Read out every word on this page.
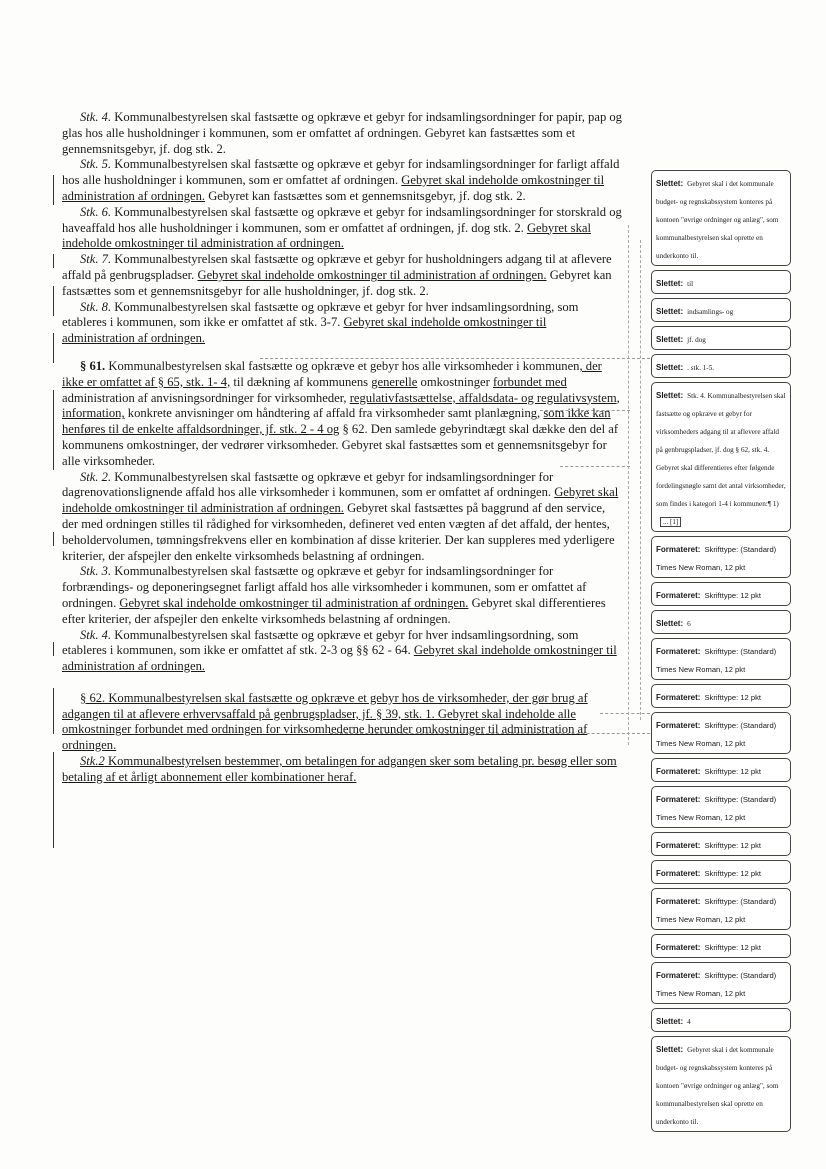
Stk. 4. Kommunalbestyrelsen skal fastsætte og opkræve et gebyr for indsamlingsordninger for papir, pap og glas hos alle husholdninger i kommunen, som er omfattet af ordningen. Gebyret kan fastsættes som et gennemsnitsgebyr, jf. dog stk. 2.

Stk. 5. Kommunalbestyrelsen skal fastsætte og opkræve et gebyr for indsamlingsordninger for farligt affald hos alle husholdninger i kommunen, som er omfattet af ordningen. Gebyret skal indeholde omkostninger til administration af ordningen. Gebyret kan fastsættes som et gennemsnitsgebyr, jf. dog stk. 2.

Stk. 6. Kommunalbestyrelsen skal fastsætte og opkræve et gebyr for indsamlingsordninger for storskrald og haveaffald hos alle husholdninger i kommunen, som er omfattet af ordningen, jf. dog stk. 2. Gebyret skal indeholde omkostninger til administration af ordningen.

Stk. 7. Kommunalbestyrelsen skal fastsætte og opkræve et gebyr for husholdningers adgang til at aflevere affald på genbrugspladser. Gebyret skal indeholde omkostninger til administration af ordningen. Gebyret kan fastsættes som et gennemsnitsgebyr for alle husholdninger, jf. dog stk. 2.

Stk. 8. Kommunalbestyrelsen skal fastsætte og opkræve et gebyr for hver indsamlingsordning, som etableres i kommunen, som ikke er omfattet af stk. 3-7. Gebyret skal indeholde omkostninger til administration af ordningen.

§ 61. Kommunalbestyrelsen skal fastsætte og opkræve et gebyr hos alle virksomheder i kommunen, der ikke er omfattet af § 65, stk. 1- 4, til dækning af kommunens generelle omkostninger forbundet med administration af anvisningsordninger for virksomheder, regulativfastsættelse, affaldsdata- og regulativsystem, information, konkrete anvisninger om håndtering af affald fra virksomheder samt planlægning, som ikke kan henføres til de enkelte affaldsordninger, jf. stk. 2 - 4 og § 62. Den samlede gebyrindtægt skal dække den del af kommunens omkostninger, der vedrører virksomheder. Gebyret skal fastsættes som et gennemsnitsgebyr for alle virksomheder.

Stk. 2. Kommunalbestyrelsen skal fastsætte og opkræve et gebyr for indsamlingsordninger for dagrenovationslignende affald hos alle virksomheder i kommunen, som er omfattet af ordningen. Gebyret skal indeholde omkostninger til administration af ordningen. Gebyret skal fastsættes på baggrund af den service, der med ordningen stilles til rådighed for virksomheden, defineret ved enten vægten af det affald, der hentes, beholdervolumen, tømningsfrekvens eller en kombination af disse kriterier. Der kan suppleres med yderligere kriterier, der afspejler den enkelte virksomheds belastning af ordningen.

Stk. 3. Kommunalbestyrelsen skal fastsætte og opkræve et gebyr for indsamlingsordninger for forbrændings- og deponeringsegnet farligt affald hos alle virksomheder i kommunen, som er omfattet af ordningen. Gebyret skal indeholde omkostninger til administration af ordningen. Gebyret skal differentieres efter kriterier, der afspejler den enkelte virksomheds belastning af ordningen.

Stk. 4. Kommunalbestyrelsen skal fastsætte og opkræve et gebyr for hver indsamlingsordning, som etableres i kommunen, som ikke er omfattet af stk. 2-3 og §§ 62 - 64. Gebyret skal indeholde omkostninger til administration af ordningen.

§ 62. Kommunalbestyrelsen skal fastsætte og opkræve et gebyr hos de virksomheder, der gør brug af adgangen til at aflevere erhvervsaffald på genbrugspladser, jf. § 39, stk. 1. Gebyret skal indeholde alle omkostninger forbundet med ordningen for virksomhederne herunder omkostninger til administration af ordningen.

Stk.2 Kommunalbestyrelsen bestemmer, om betalingen for adgangen sker som betaling pr. besøg eller som betaling af et årligt abonnement eller kombinationer heraf.

Slettet: Gebyret skal i det kommunale budget- og regnskabssystem konteres på kontoen "øvrige ordninger og anlæg", som kommunalbestyrelsen skal oprette en underkonto til.
Slettet: til
Slettet: indsamlings- og
Slettet: jf. dog
Slettet: . stk. 1-5.
Slettet: Stk. 4. Kommunalbestyrelsen skal fastsætte og opkræve et gebyr for virksomheders adgang til at aflevere affald på genbrugspladser, jf. dog § 62, stk. 4. Gebyret skal differentieres efter følgende fordelingsnøgle samt det antal virksomheder, som findes i kategori 1-4 i kommunen:¶ 1)... [1]
Formateret: Skrifttype: (Standard) Times New Roman, 12 pkt
Formateret: Skrifttype: 12 pkt
Slettet: 6
Formateret: Skrifttype: (Standard) Times New Roman, 12 pkt
Formateret: Skrifttype: 12 pkt
Formateret: Skrifttype: (Standard) Times New Roman, 12 pkt
Formateret: Skrifttype: 12 pkt
Formateret: Skrifttype: (Standard) Times New Roman, 12 pkt
Formateret: Skrifttype: 12 pkt
Formateret: Skrifttype: 12 pkt
Formateret: Skrifttype: (Standard) Times New Roman, 12 pkt
Formateret: Skrifttype: 12 pkt
Formateret: Skrifttype: (Standard) Times New Roman, 12 pkt
Slettet: 4
Slettet: Gebyret skal i det kommunale budget- og regnskabssystem konteres på kontoen "øvrige ordninger og anlæg", som kommunalbestyrelsen skal oprette en underkonto til.
